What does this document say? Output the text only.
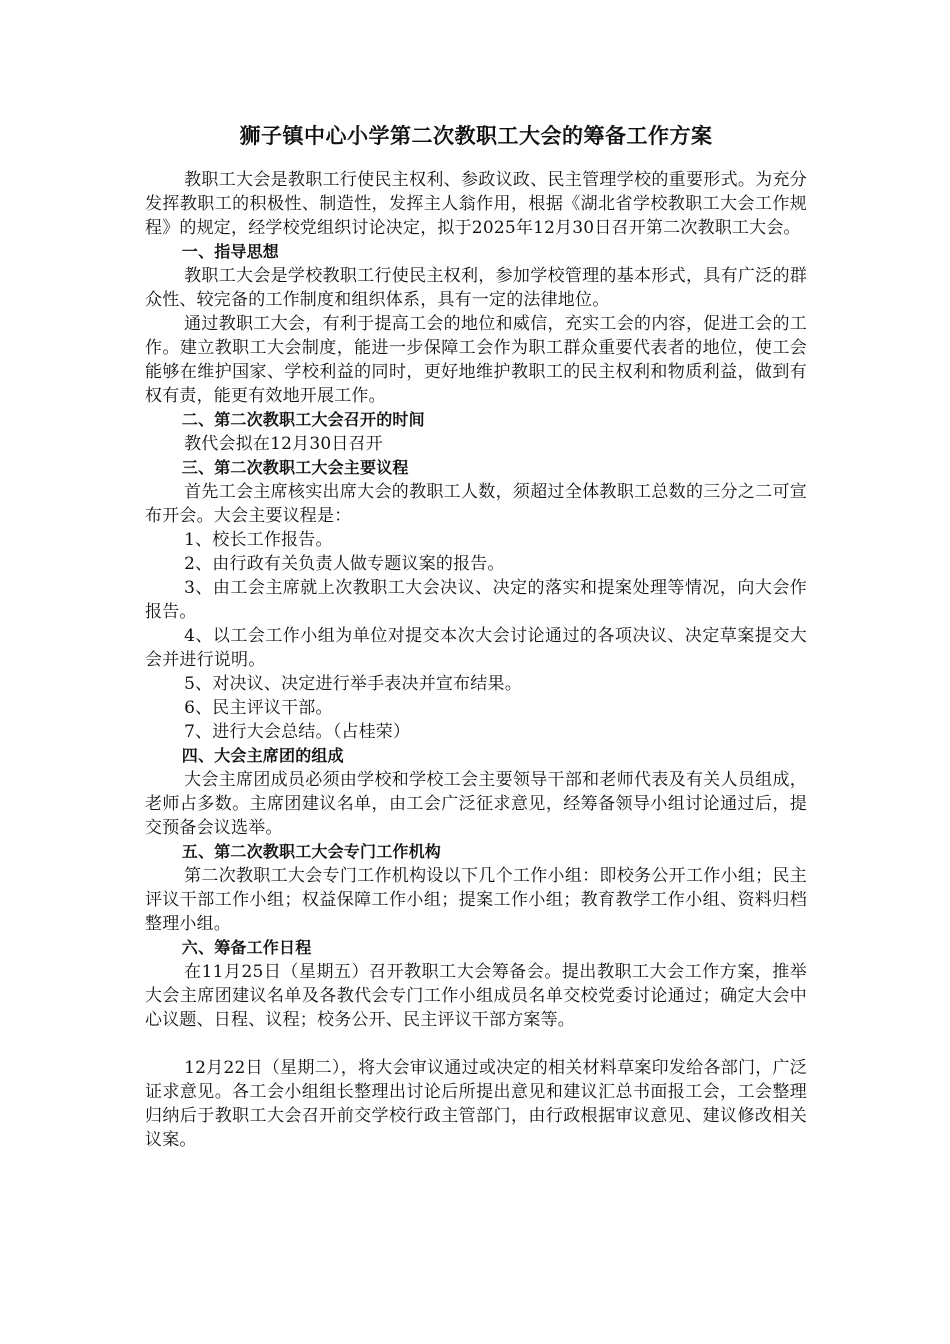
狮子镇中心小学第二次教职工大会的筹备工作方案

教职工大会是教职工行使民主权利、参政议政、民主管理学校的重要形式。为充分发挥教职工的积极性、制造性，发挥主人翁作用，根据《湖北省学校教职工大会工作规程》的规定，经学校党组织讨论决定，拟于2025年12月30日召开第二次教职工大会。

一、指导思想

教职工大会是学校教职工行使民主权利，参加学校管理的基本形式，具有广泛的群众性、较完备的工作制度和组织体系，具有一定的法律地位。

通过教职工大会，有利于提高工会的地位和威信，充实工会的内容，促进工会的工作。建立教职工大会制度，能进一步保障工会作为职工群众重要代表者的地位，使工会能够在维护国家、学校利益的同时，更好地维护教职工的民主权利和物质利益，做到有权有责，能更有效地开展工作。

二、第二次教职工大会召开的时间

教代会拟在12月30日召开

三、第二次教职工大会主要议程

首先工会主席核实出席大会的教职工人数，须超过全体教职工总数的三分之二可宣布开会。大会主要议程是：

1、校长工作报告。

2、由行政有关负责人做专题议案的报告。

3、由工会主席就上次教职工大会决议、决定的落实和提案处理等情况，向大会作报告。

4、以工会工作小组为单位对提交本次大会讨论通过的各项决议、决定草案提交大会并进行说明。

5、对决议、决定进行举手表决并宣布结果。

6、民主评议干部。

7、进行大会总结。（占桂荣）

四、大会主席团的组成

大会主席团成员必须由学校和学校工会主要领导干部和老师代表及有关人员组成，老师占多数。主席团建议名单，由工会广泛征求意见，经筹备领导小组讨论通过后，提交预备会议选举。

五、第二次教职工大会专门工作机构

第二次教职工大会专门工作机构设以下几个工作小组：即校务公开工作小组；民主评议干部工作小组；权益保障工作小组；提案工作小组；教育教学工作小组、资料归档整理小组。

六、筹备工作日程

在11月25日（星期五）召开教职工大会筹备会。提出教职工大会工作方案，推举大会主席团建议名单及各教代会专门工作小组成员名单交校党委讨论通过；确定大会中心议题、日程、议程；校务公开、民主评议干部方案等。

12月22日（星期二），将大会审议通过或决定的相关材料草案印发给各部门，广泛证求意见。各工会小组组长整理出讨论后所提出意见和建议汇总书面报工会，工会整理归纳后于教职工大会召开前交学校行政主管部门，由行政根据审议意见、建议修改相关议案。
